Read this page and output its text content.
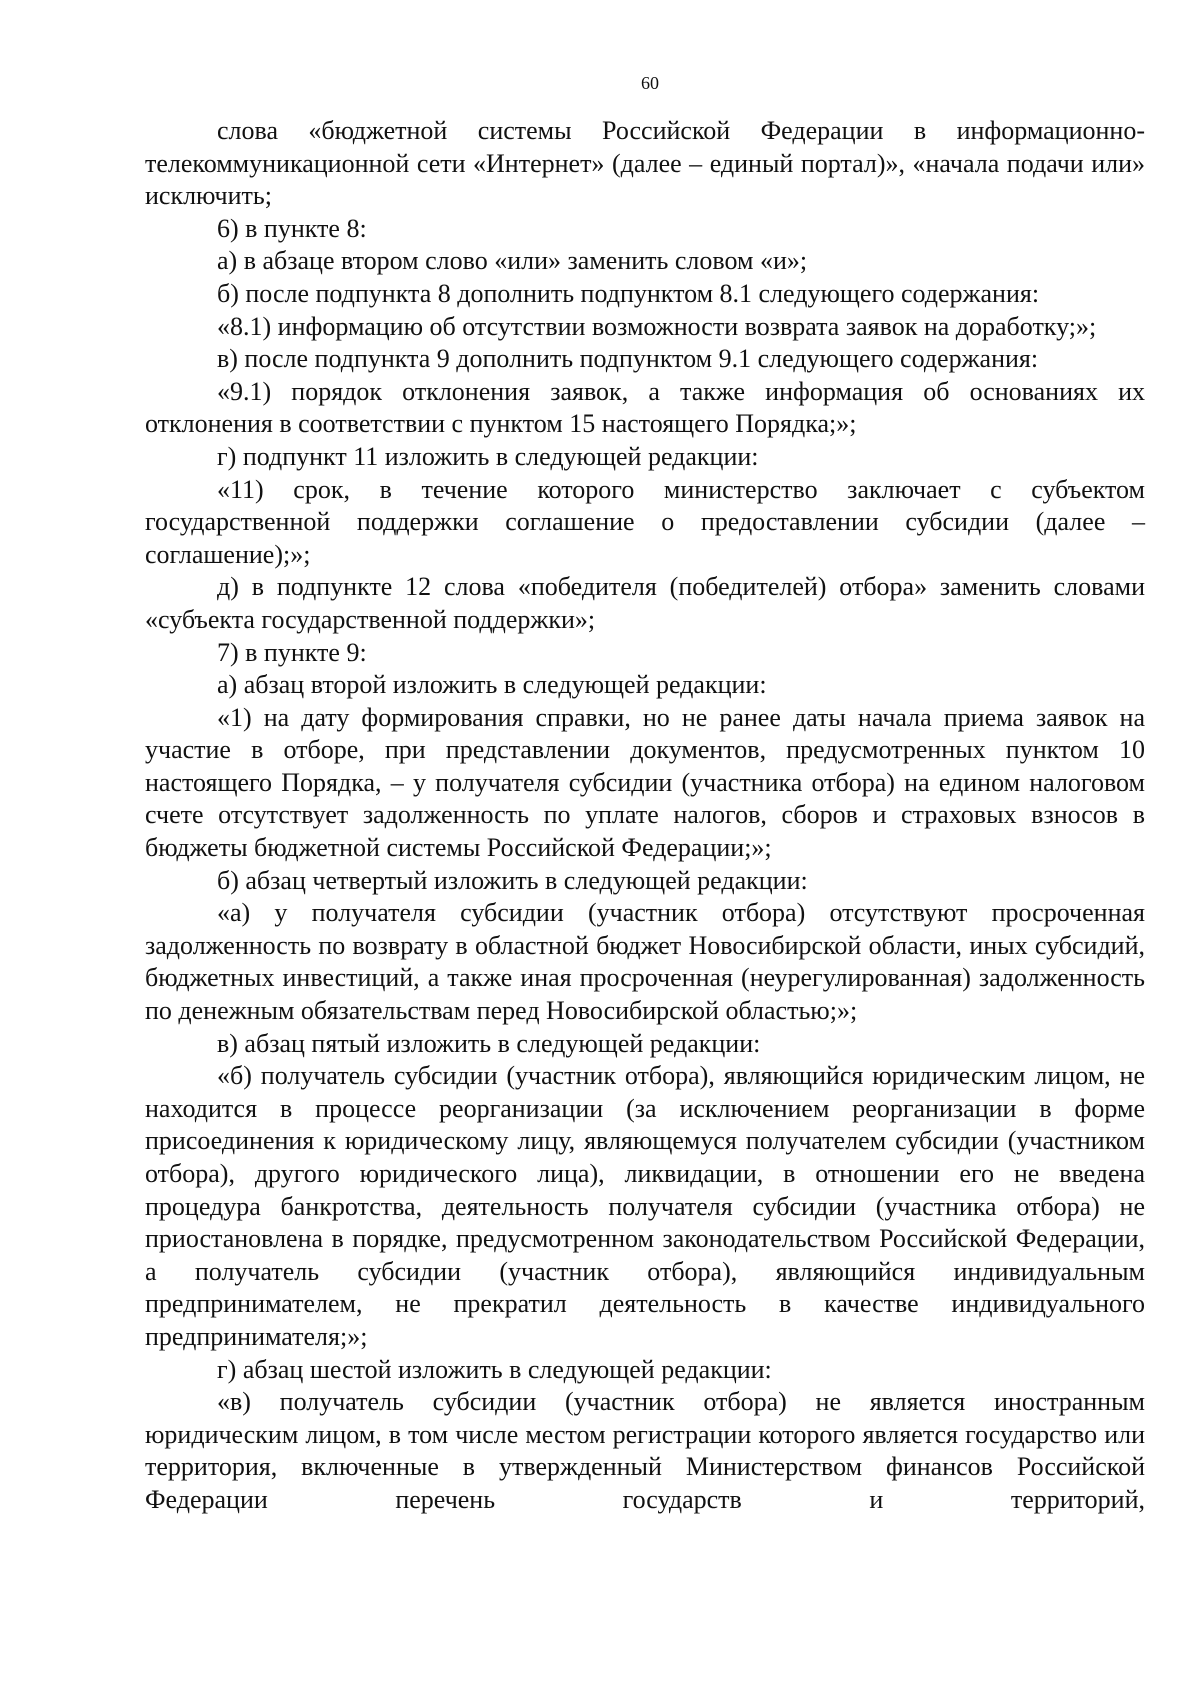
60

слова «бюджетной системы Российской Федерации в информационно-телекоммуникационной сети «Интернет» (далее – единый портал)», «начала подачи или» исключить;

6) в пункте 8:

а) в абзаце втором слово «или» заменить словом «и»;

б) после подпункта 8 дополнить подпунктом 8.1 следующего содержания:

«8.1) информацию об отсутствии возможности возврата заявок на доработку;»;

в) после подпункта 9 дополнить подпунктом 9.1 следующего содержания:

«9.1) порядок отклонения заявок, а также информация об основаниях их отклонения в соответствии с пунктом 15 настоящего Порядка;»;

г) подпункт 11 изложить в следующей редакции:

«11) срок, в течение которого министерство заключает с субъектом государственной поддержки соглашение о предоставлении субсидии (далее – соглашение);»;

д) в подпункте 12 слова «победителя (победителей) отбора» заменить словами «субъекта государственной поддержки»;

7) в пункте 9:

а) абзац второй изложить в следующей редакции:

«1) на дату формирования справки, но не ранее даты начала приема заявок на участие в отборе, при представлении документов, предусмотренных пунктом 10 настоящего Порядка, – у получателя субсидии (участника отбора) на едином налоговом счете отсутствует задолженность по уплате налогов, сборов и страховых взносов в бюджеты бюджетной системы Российской Федерации;»;

б) абзац четвертый изложить в следующей редакции:

«а) у получателя субсидии (участник отбора) отсутствуют просроченная задолженность по возврату в областной бюджет Новосибирской области, иных субсидий, бюджетных инвестиций, а также иная просроченная (неурегулированная) задолженность по денежным обязательствам перед Новосибирской областью;»;

в) абзац пятый изложить в следующей редакции:

«б) получатель субсидии (участник отбора), являющийся юридическим лицом, не находится в процессе реорганизации (за исключением реорганизации в форме присоединения к юридическому лицу, являющемуся получателем субсидии (участником отбора), другого юридического лица), ликвидации, в отношении его не введена процедура банкротства, деятельность получателя субсидии (участника отбора) не приостановлена в порядке, предусмотренном законодательством Российской Федерации, а получатель субсидии (участник отбора), являющийся индивидуальным предпринимателем, не прекратил деятельность в качестве индивидуального предпринимателя;»;

г) абзац шестой изложить в следующей редакции:

«в) получатель субсидии (участник отбора) не является иностранным юридическим лицом, в том числе местом регистрации которого является государство или территория, включенные в утвержденный Министерством финансов Российской Федерации перечень государств и территорий,
